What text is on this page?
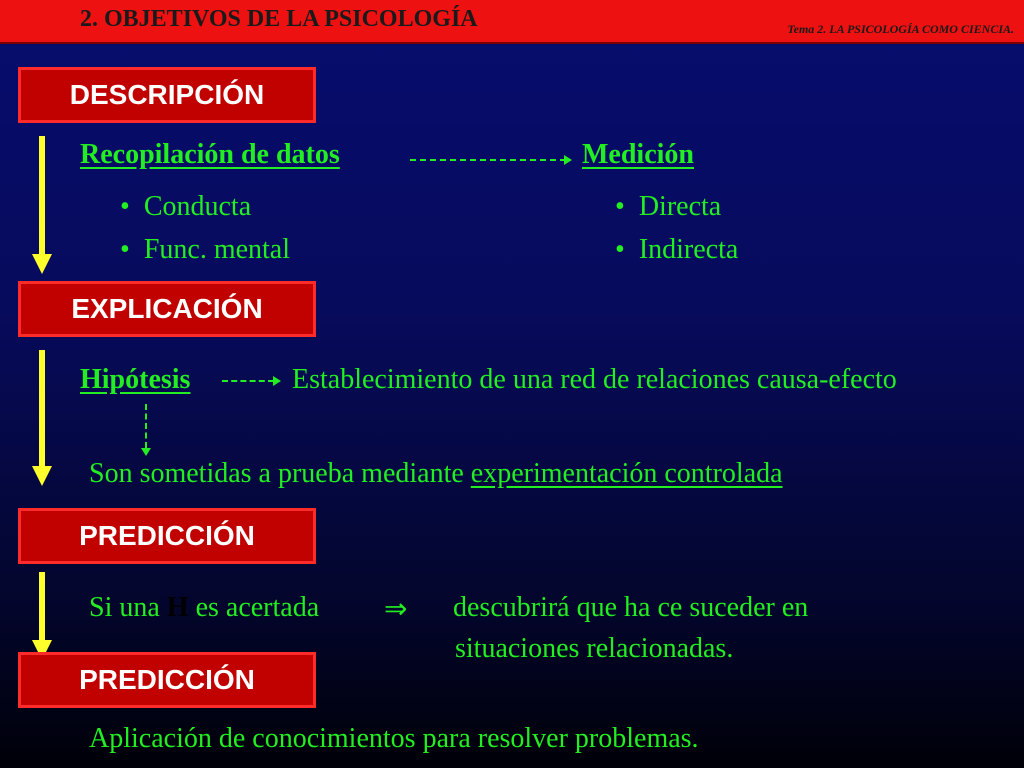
2. OBJETIVOS DE LA PSICOLOGÍA	Tema 2. LA PSICOLOGÍA COMO CIENCIA.
DESCRIPCIÓN
Recopilación de datos	Medición
• Conducta
• Func. mental
• Directa
• Indirecta
EXPLICACIÓN
Hipótesis	Establecimiento de una red de relaciones causa-efecto
Son sometidas a prueba mediante experimentación controlada
PREDICCIÓN
Si una H es acertada ⇒ descubrirá que ha ce suceder en
situaciones relacionadas.
PREDICCIÓN
Aplicación de conocimientos para resolver problemas.
